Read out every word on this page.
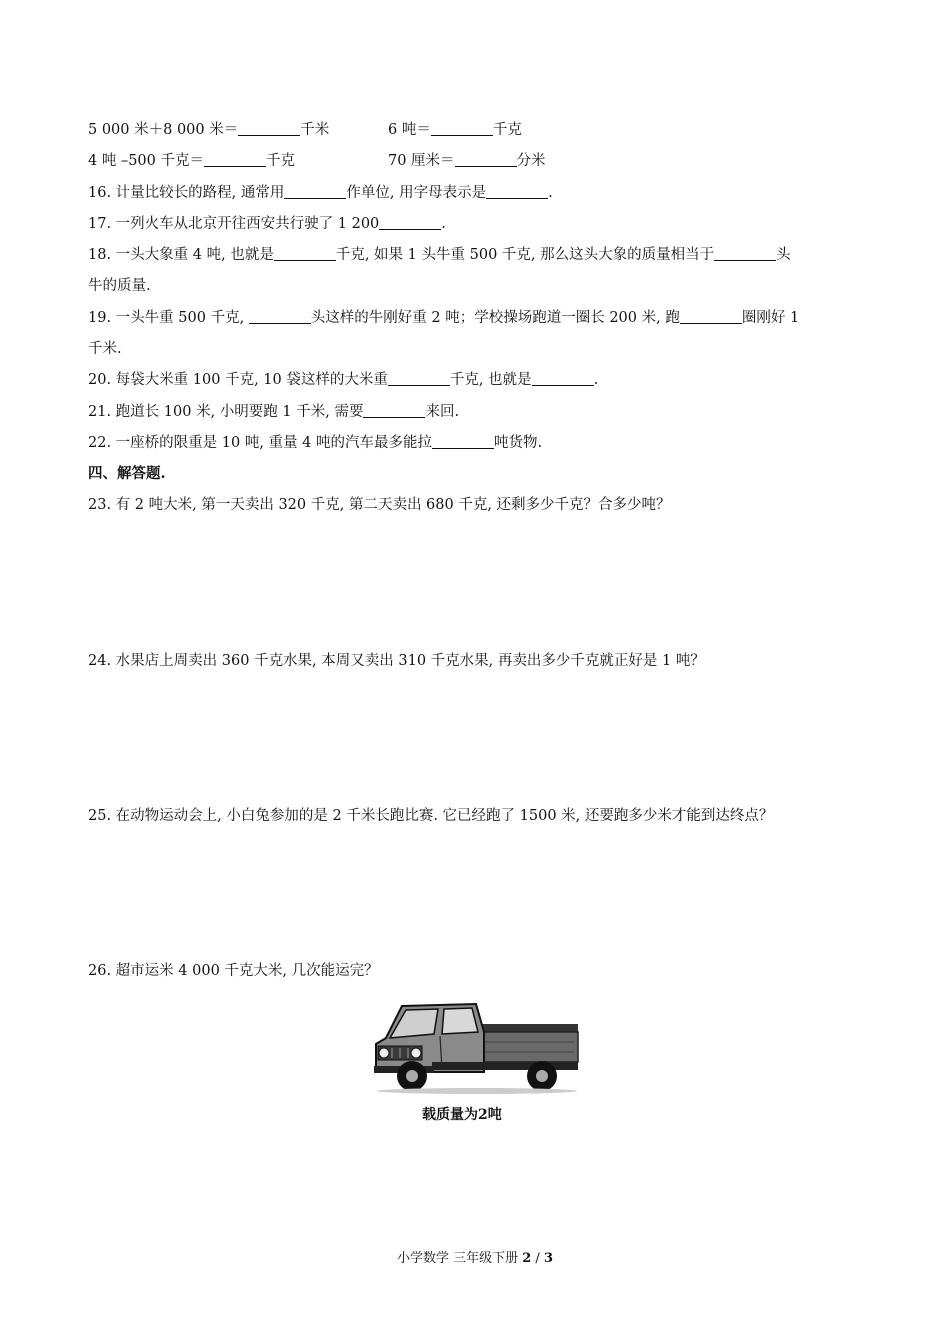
5 000 米＋8 000 米＝	千米	6 吨＝	千克
4 吨 –500 千克＝	千克	70 厘米＝	分米
16. 计量比较长的路程, 通常用	作单位, 用字母表示是	.
17. 一列火车从北京开往西安共行驶了 1 200	.
18. 一头大象重 4 吨, 也就是	千克, 如果 1 头牛重 500 千克, 那么这头大象的质量相当于	头
牛的质量.
19. 一头牛重 500 千克,	头这样的牛刚好重 2 吨；学校操场跑道一圈长 200 米, 跑	圈刚好 1
千米.
20. 每袋大米重 100 千克, 10 袋这样的大米重	千克, 也就是	.
21. 跑道长 100 米, 小明要跑 1 千米, 需要	来回.
22. 一座桥的限重是 10 吨, 重量 4 吨的汽车最多能拉	吨货物.
四、解答题.
23. 有 2 吨大米, 第一天卖出 320 千克, 第二天卖出 680 千克, 还剩多少千克？合多少吨？
24. 水果店上周卖出 360 千克水果, 本周又卖出 310 千克水果, 再卖出多少千克就正好是 1 吨？
25. 在动物运动会上, 小白兔参加的是 2 千米长跑比赛. 它已经跑了 1500 米, 还要跑多少米才能到达终点？
26. 超市运米 4 000 千克大米, 几次能运完？
载质量为2吨
小学数学 三年级下册 2 / 3
